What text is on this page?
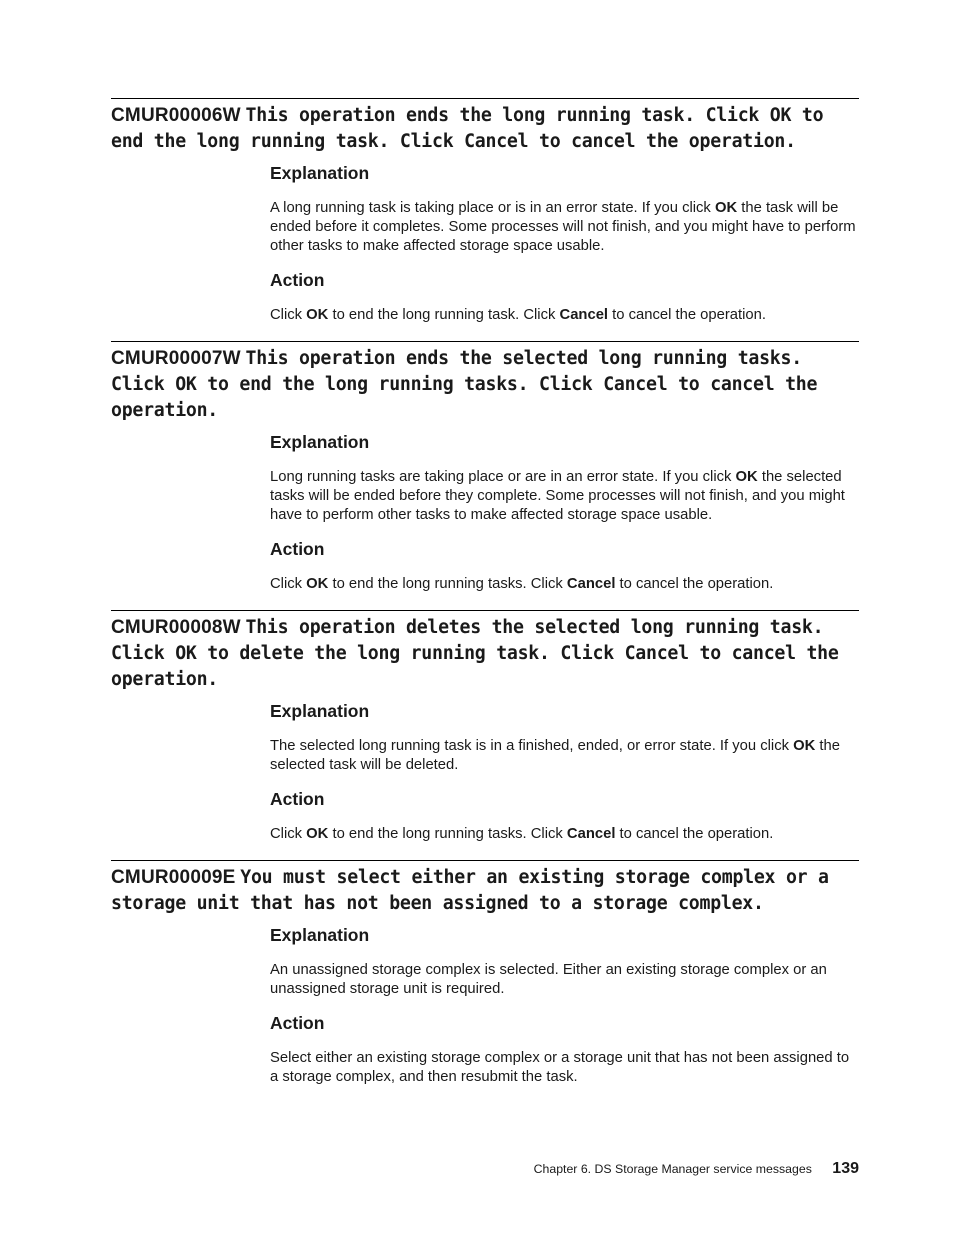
CMUR00006W This operation ends the long running task. Click OK to end the long running task. Click Cancel to cancel the operation.
Explanation
A long running task is taking place or is in an error state. If you click OK the task will be ended before it completes. Some processes will not finish, and you might have to perform other tasks to make affected storage space usable.
Action
Click OK to end the long running task. Click Cancel to cancel the operation.
CMUR00007W This operation ends the selected long running tasks. Click OK to end the long running tasks. Click Cancel to cancel the operation.
Explanation
Long running tasks are taking place or are in an error state. If you click OK the selected tasks will be ended before they complete. Some processes will not finish, and you might have to perform other tasks to make affected storage space usable.
Action
Click OK to end the long running tasks. Click Cancel to cancel the operation.
CMUR00008W This operation deletes the selected long running task. Click OK to delete the long running task. Click Cancel to cancel the operation.
Explanation
The selected long running task is in a finished, ended, or error state. If you click OK the selected task will be deleted.
Action
Click OK to end the long running tasks. Click Cancel to cancel the operation.
CMUR00009E You must select either an existing storage complex or a storage unit that has not been assigned to a storage complex.
Explanation
An unassigned storage complex is selected. Either an existing storage complex or an unassigned storage unit is required.
Action
Select either an existing storage complex or a storage unit that has not been assigned to a storage complex, and then resubmit the task.
Chapter 6. DS Storage Manager service messages 139
